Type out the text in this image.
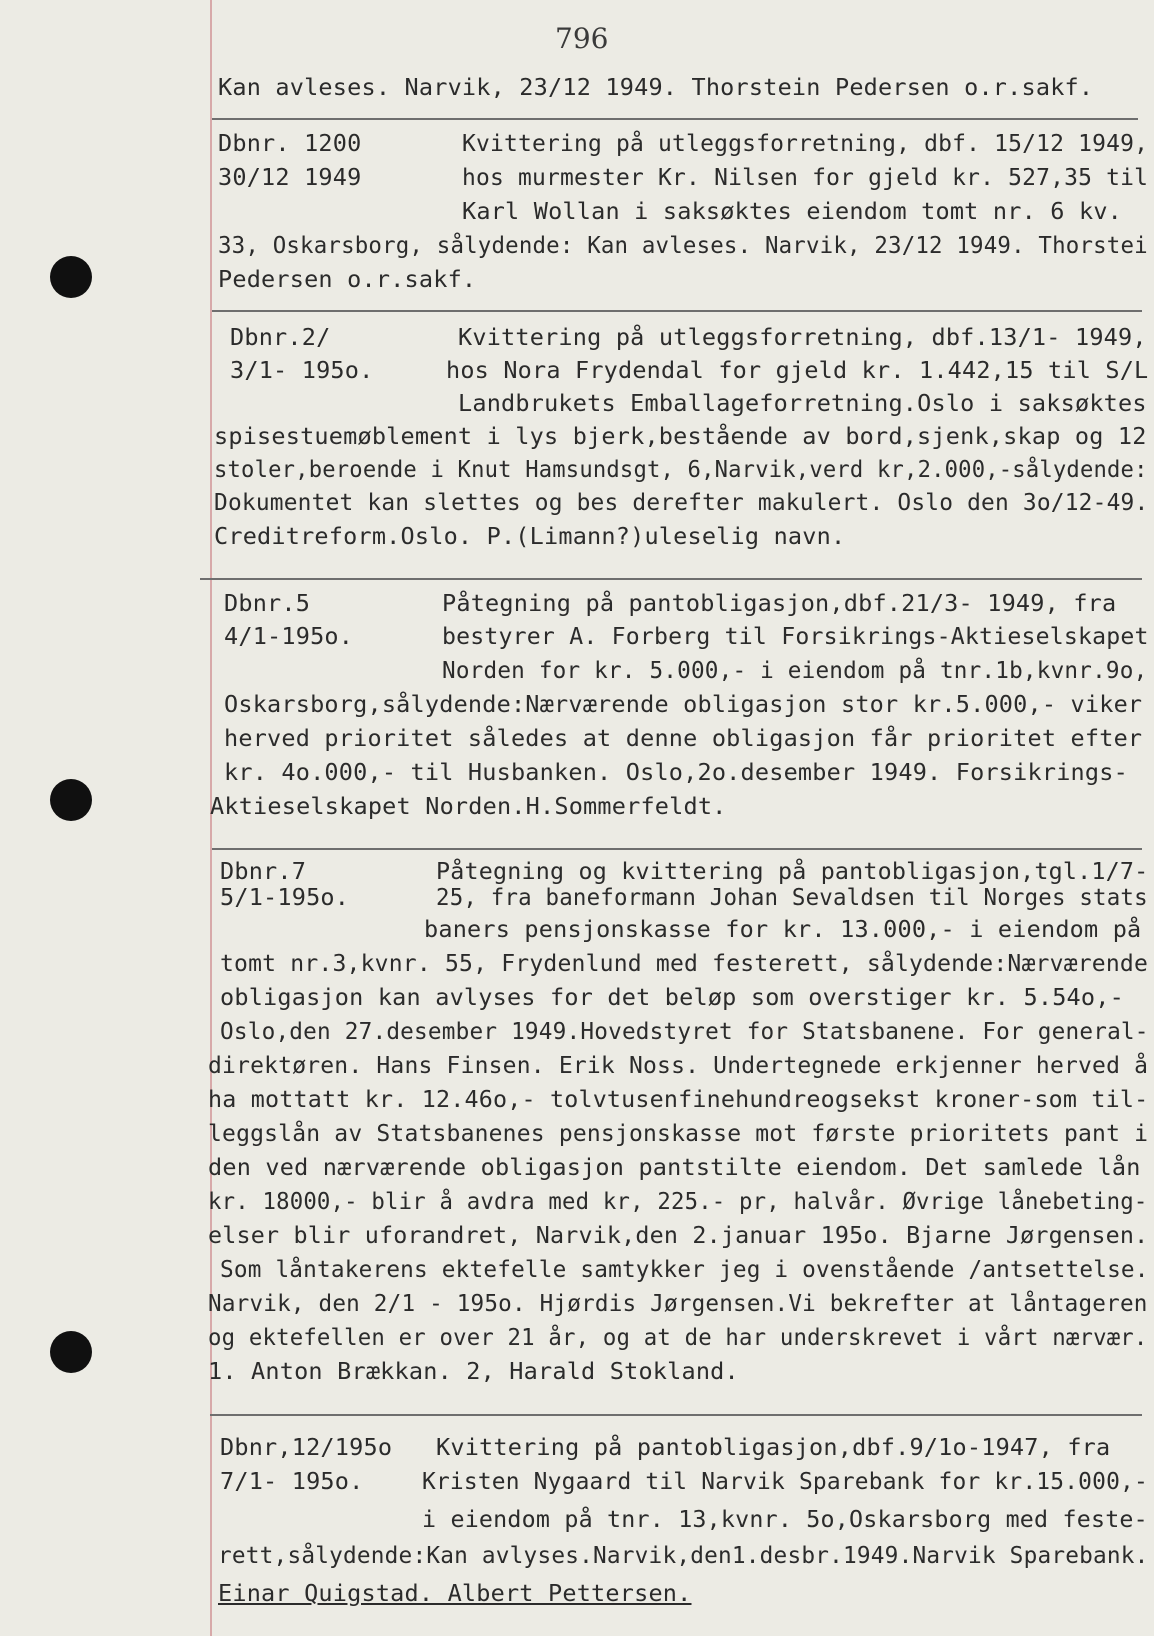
796
Kan avleses. Narvik, 23/12 1949. Thorstein Pedersen o.r.sakf.
Dbnr. 1200
30/12 1949
Kvittering på utleggsforretning, dbf. 15/12 1949,
hos murmester Kr. Nilsen for gjeld kr. 527,35 til
Karl Wollan i saksøktes eiendom tomt nr. 6 kv.
33, Oskarsborg, sålydende: Kan avleses. Narvik, 23/12 1949. Thorstei
Pedersen o.r.sakf.
Dbnr.2/
3/1- 195o.
Kvittering på utleggsforretning, dbf.13/1- 1949,
hos Nora Frydendal for gjeld kr. 1.442,15 til S/L
Landbrukets Emballageforretning.Oslo i saksøktes
spisestuemøblement i lys bjerk,bestående av bord,sjenk,skap og 12
stoler,beroende i Knut Hamsundsgt, 6,Narvik,verd kr,2.000,-sålydende:
Dokumentet kan slettes og bes derefter makulert. Oslo den 3o/12-49.
Creditreform.Oslo. P.(Limann?)uleselig navn.
Dbnr.5
4/1-195o.
Påtegning på pantobligasjon,dbf.21/3- 1949, fra
bestyrer A. Forberg til Forsikrings-Aktieselskapet
Norden for kr. 5.000,- i eiendom på tnr.1b,kvnr.9o,
Oskarsborg,sålydende:Nærværende obligasjon stor kr.5.000,- viker
herved prioritet således at denne obligasjon får prioritet efter
kr. 4o.000,- til Husbanken. Oslo,2o.desember 1949. Forsikrings-
Aktieselskapet Norden.H.Sommerfeldt.
Dbnr.7
5/1-195o.
Påtegning og kvittering på pantobligasjon,tgl.1/7-
25, fra baneformann Johan Sevaldsen til Norges stats
baners pensjonskasse for kr. 13.000,- i eiendom på
tomt nr.3,kvnr. 55, Frydenlund med festerett, sålydende:Nærværende
obligasjon kan avlyses for det beløp som overstiger kr. 5.54o,-
Oslo,den 27.desember 1949.Hovedstyret for Statsbanene. For general-
direktøren. Hans Finsen. Erik Noss. Undertegnede erkjenner herved å
ha mottatt kr. 12.46o,- tolvtusenfinehundreogsekst kroner-som til-
leggslån av Statsbanenes pensjonskasse mot første prioritets pant i
den ved nærværende obligasjon pantstilte eiendom. Det samlede lån
kr. 18000,- blir å avdra med kr, 225.- pr, halvår. Øvrige lånebeting-
elser blir uforandret, Narvik,den 2.januar 195o. Bjarne Jørgensen.
Som låntakerens ektefelle samtykker jeg i ovenstående /antsettelse.
Narvik, den 2/1 - 195o. Hjørdis Jørgensen.Vi bekrefter at låntageren
og ektefellen er over 21 år, og at de har underskrevet i vårt nærvær.
1. Anton Brækkan. 2, Harald Stokland.
Dbnr,12/195o
7/1- 195o.
Kvittering på pantobligasjon,dbf.9/1o-1947, fra
Kristen Nygaard til Narvik Sparebank for kr.15.000,-
i eiendom på tnr. 13,kvnr. 5o,Oskarsborg med feste-
rett,sålydende:Kan avlyses.Narvik,den1.desbr.1949.Narvik Sparebank.
Einar Quigstad. Albert Pettersen.
